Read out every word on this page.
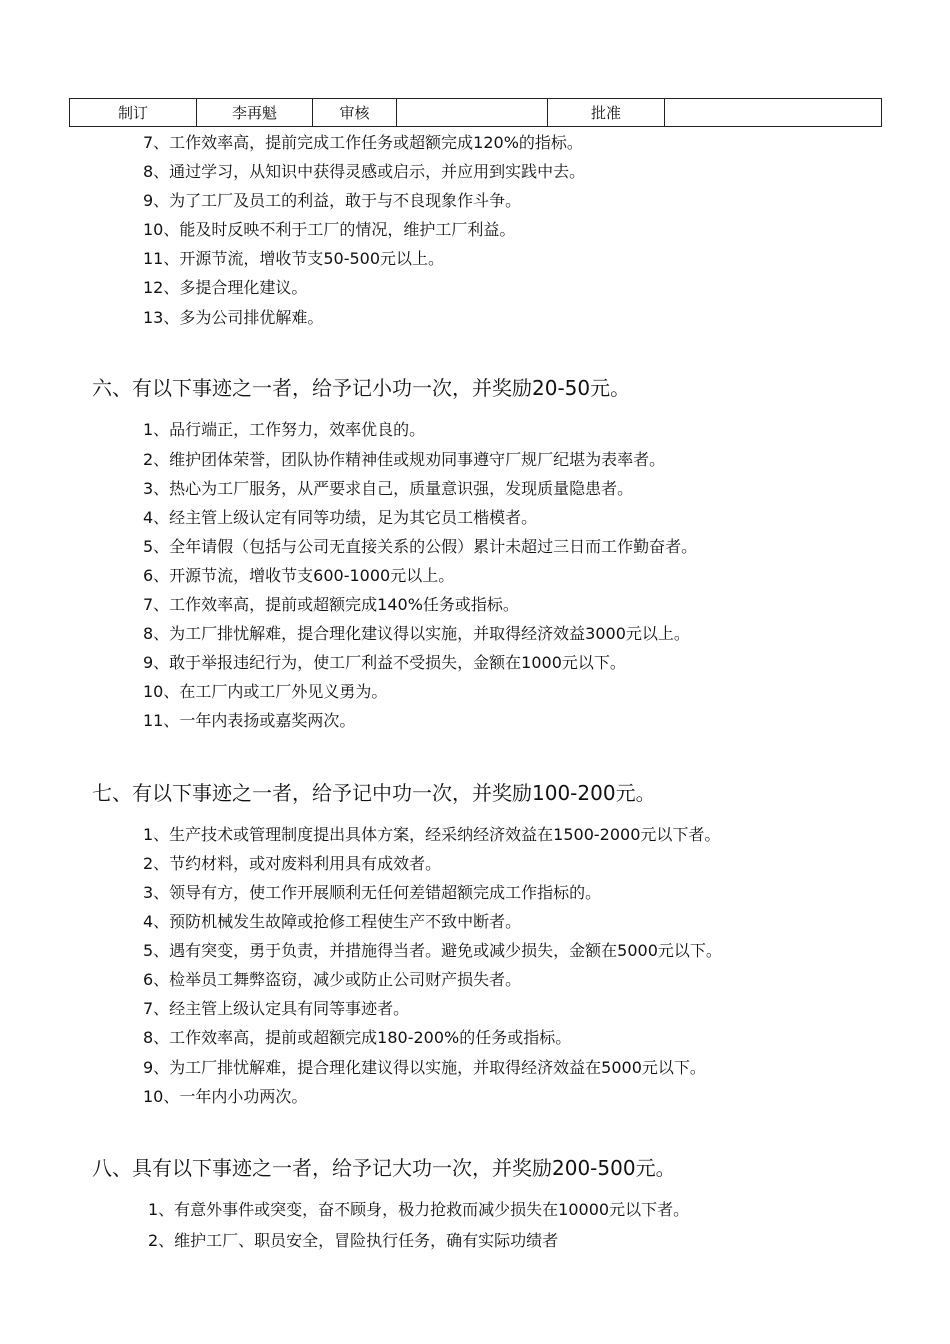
制订	李再魁	审核		批准	
7、工作效率高，提前完成工作任务或超额完成120%的指标。
8、通过学习，从知识中获得灵感或启示，并应用到实践中去。
9、为了工厂及员工的利益，敢于与不良现象作斗争。
10、能及时反映不利于工厂的情况，维护工厂利益。
11、开源节流，增收节支50-500元以上。
12、多提合理化建议。
13、多为公司排优解难。
六、有以下事迹之一者，给予记小功一次，并奖励20-50元。
1、品行端正，工作努力，效率优良的。
2、维护团体荣誉，团队协作精神佳或规劝同事遵守厂规厂纪堪为表率者。
3、热心为工厂服务，从严要求自己，质量意识强，发现质量隐患者。
4、经主管上级认定有同等功绩，足为其它员工楷模者。
5、全年请假（包括与公司无直接关系的公假）累计未超过三日而工作勤奋者。
6、开源节流，增收节支600-1000元以上。
7、工作效率高，提前或超额完成140%任务或指标。
8、为工厂排忧解难，提合理化建议得以实施，并取得经济效益3000元以上。
9、敢于举报违纪行为，使工厂利益不受损失，金额在1000元以下。
10、在工厂内或工厂外见义勇为。
11、一年内表扬或嘉奖两次。
七、有以下事迹之一者，给予记中功一次，并奖励100-200元。
1、生产技术或管理制度提出具体方案，经采纳经济效益在1500-2000元以下者。
2、节约材料，或对废料利用具有成效者。
3、领导有方，使工作开展顺利无任何差错超额完成工作指标的。
4、预防机械发生故障或抢修工程使生产不致中断者。
5、遇有突变，勇于负责，并措施得当者。避免或减少损失，金额在5000元以下。
6、检举员工舞弊盗窃，减少或防止公司财产损失者。
7、经主管上级认定具有同等事迹者。
8、工作效率高，提前或超额完成180-200%的任务或指标。
9、为工厂排忧解难，提合理化建议得以实施，并取得经济效益在5000元以下。
10、一年内小功两次。
八、具有以下事迹之一者，给予记大功一次，并奖励200-500元。
1、有意外事件或突变，奋不顾身，极力抢救而减少损失在10000元以下者。
2、维护工厂、职员安全，冒险执行任务，确有实际功绩者
